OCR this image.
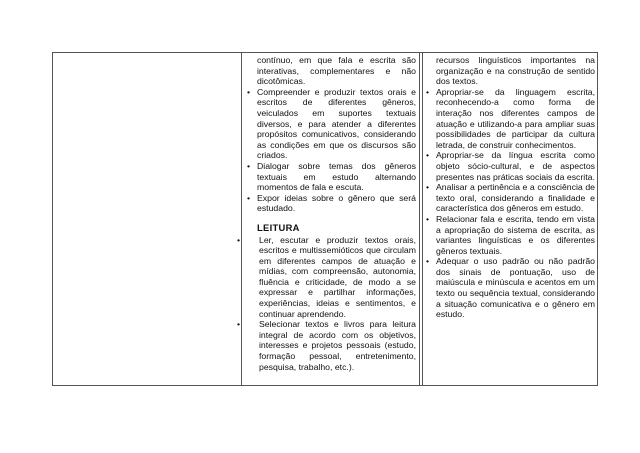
contínuo, em que fala e escrita são interativas, complementares e não dicotômicas.
• Compreender e produzir textos orais e escritos de diferentes gêneros, veiculados em suportes textuais diversos, e para atender a diferentes propósitos comunicativos, considerando as condições em que os discursos são criados.
• Dialogar sobre temas dos gêneros textuais em estudo alternando momentos de fala e escuta.
• Expor ideias sobre o gênero que será estudado.
LEITURA
• Ler, escutar e produzir textos orais, escritos e multissemióticos que circulam em diferentes campos de atuação e mídias, com compreensão, autonomia, fluência e criticidade, de modo a se expressar e partilhar informações, experiências, ideias e sentimentos, e continuar aprendendo.
• Selecionar textos e livros para leitura integral de acordo com os objetivos, interesses e projetos pessoais (estudo, formação pessoal, entretenimento, pesquisa, trabalho, etc.).
recursos linguísticos importantes na organização e na construção de sentido dos textos.
• Apropriar-se da linguagem escrita, reconhecendo-a como forma de interação nos diferentes campos de atuação e utilizando-a para ampliar suas possibilidades de participar da cultura letrada, de construir conhecimentos.
• Apropriar-se da língua escrita como objeto sócio-cultural, e de aspectos presentes nas práticas sociais da escrita.
• Analisar a pertinência e a consciência de texto oral, considerando a finalidade e característica dos gêneros em estudo.
• Relacionar fala e escrita, tendo em vista a apropriação do sistema de escrita, as variantes linguísticas e os diferentes gêneros textuais.
• Adequar o uso padrão ou não padrão dos sinais de pontuação, uso de maiúscula e minúscula e acentos em um texto ou sequência textual, considerando a situação comunicativa e o gênero em estudo.
